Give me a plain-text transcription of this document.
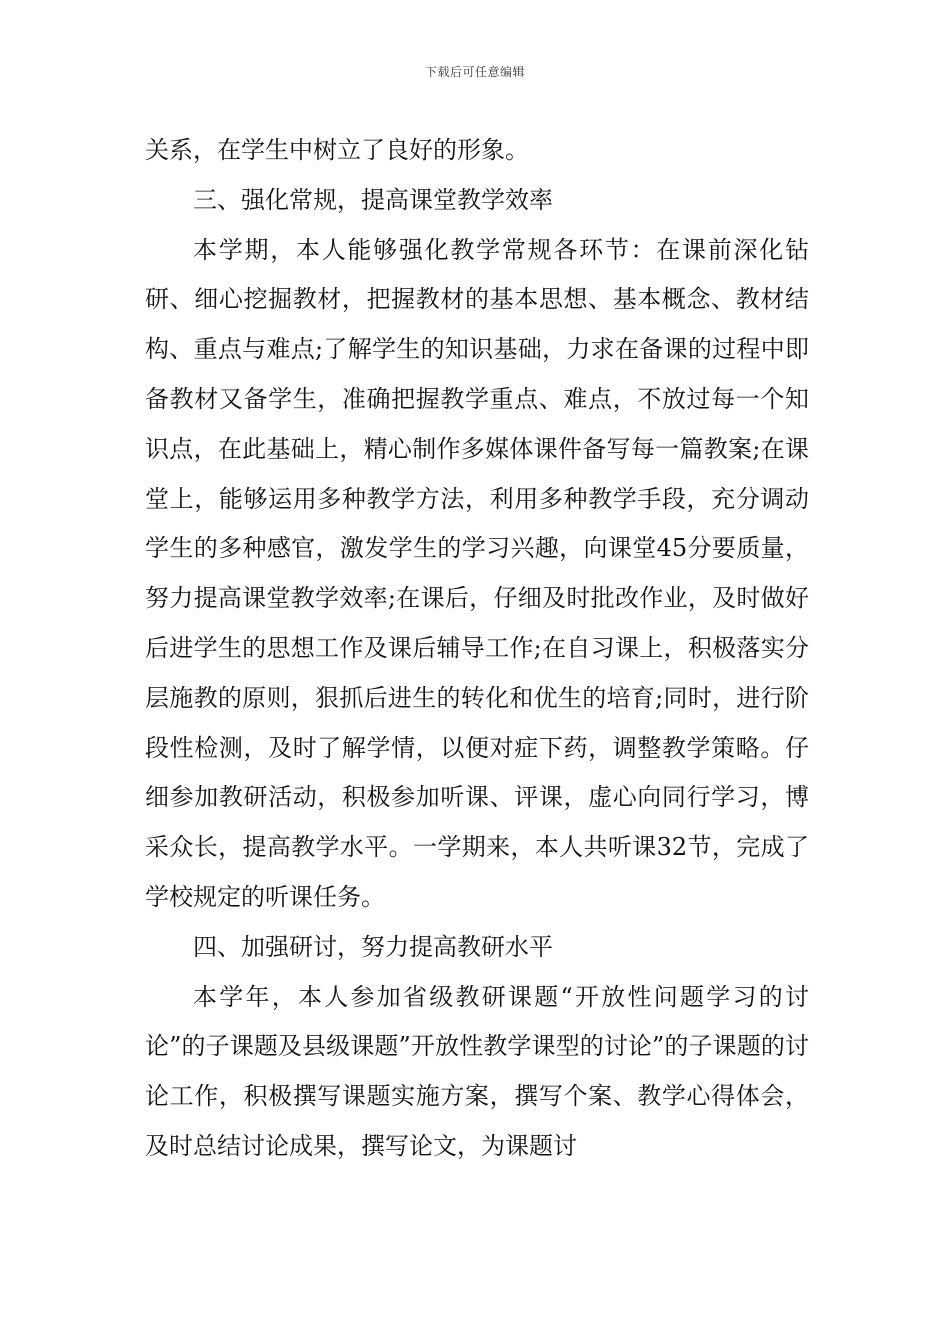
下载后可任意编辑

关系，在学生中树立了良好的形象。

三、强化常规，提高课堂教学效率

本学期，本人能够强化教学常规各环节：在课前深化钻研、细心挖掘教材，把握教材的基本思想、基本概念、教材结构、重点与难点;了解学生的知识基础，力求在备课的过程中即备教材又备学生，准确把握教学重点、难点，不放过每一个知识点，在此基础上，精心制作多媒体课件备写每一篇教案;在课堂上，能够运用多种教学方法，利用多种教学手段，充分调动学生的多种感官，激发学生的学习兴趣，向课堂45分要质量，努力提高课堂教学效率;在课后，仔细及时批改作业，及时做好后进学生的思想工作及课后辅导工作;在自习课上，积极落实分层施教的原则，狠抓后进生的转化和优生的培育;同时，进行阶段性检测，及时了解学情，以便对症下药，调整教学策略。仔细参加教研活动，积极参加听课、评课，虚心向同行学习，博采众长，提高教学水平。一学期来，本人共听课32节，完成了学校规定的听课任务。

四、加强研讨，努力提高教研水平

本学年，本人参加省级教研课题“开放性问题学习的讨论”的子课题及县级课题”开放性教学课型的讨论”的子课题的讨论工作，积极撰写课题实施方案，撰写个案、教学心得体会，及时总结讨论成果，撰写论文，为课题讨
